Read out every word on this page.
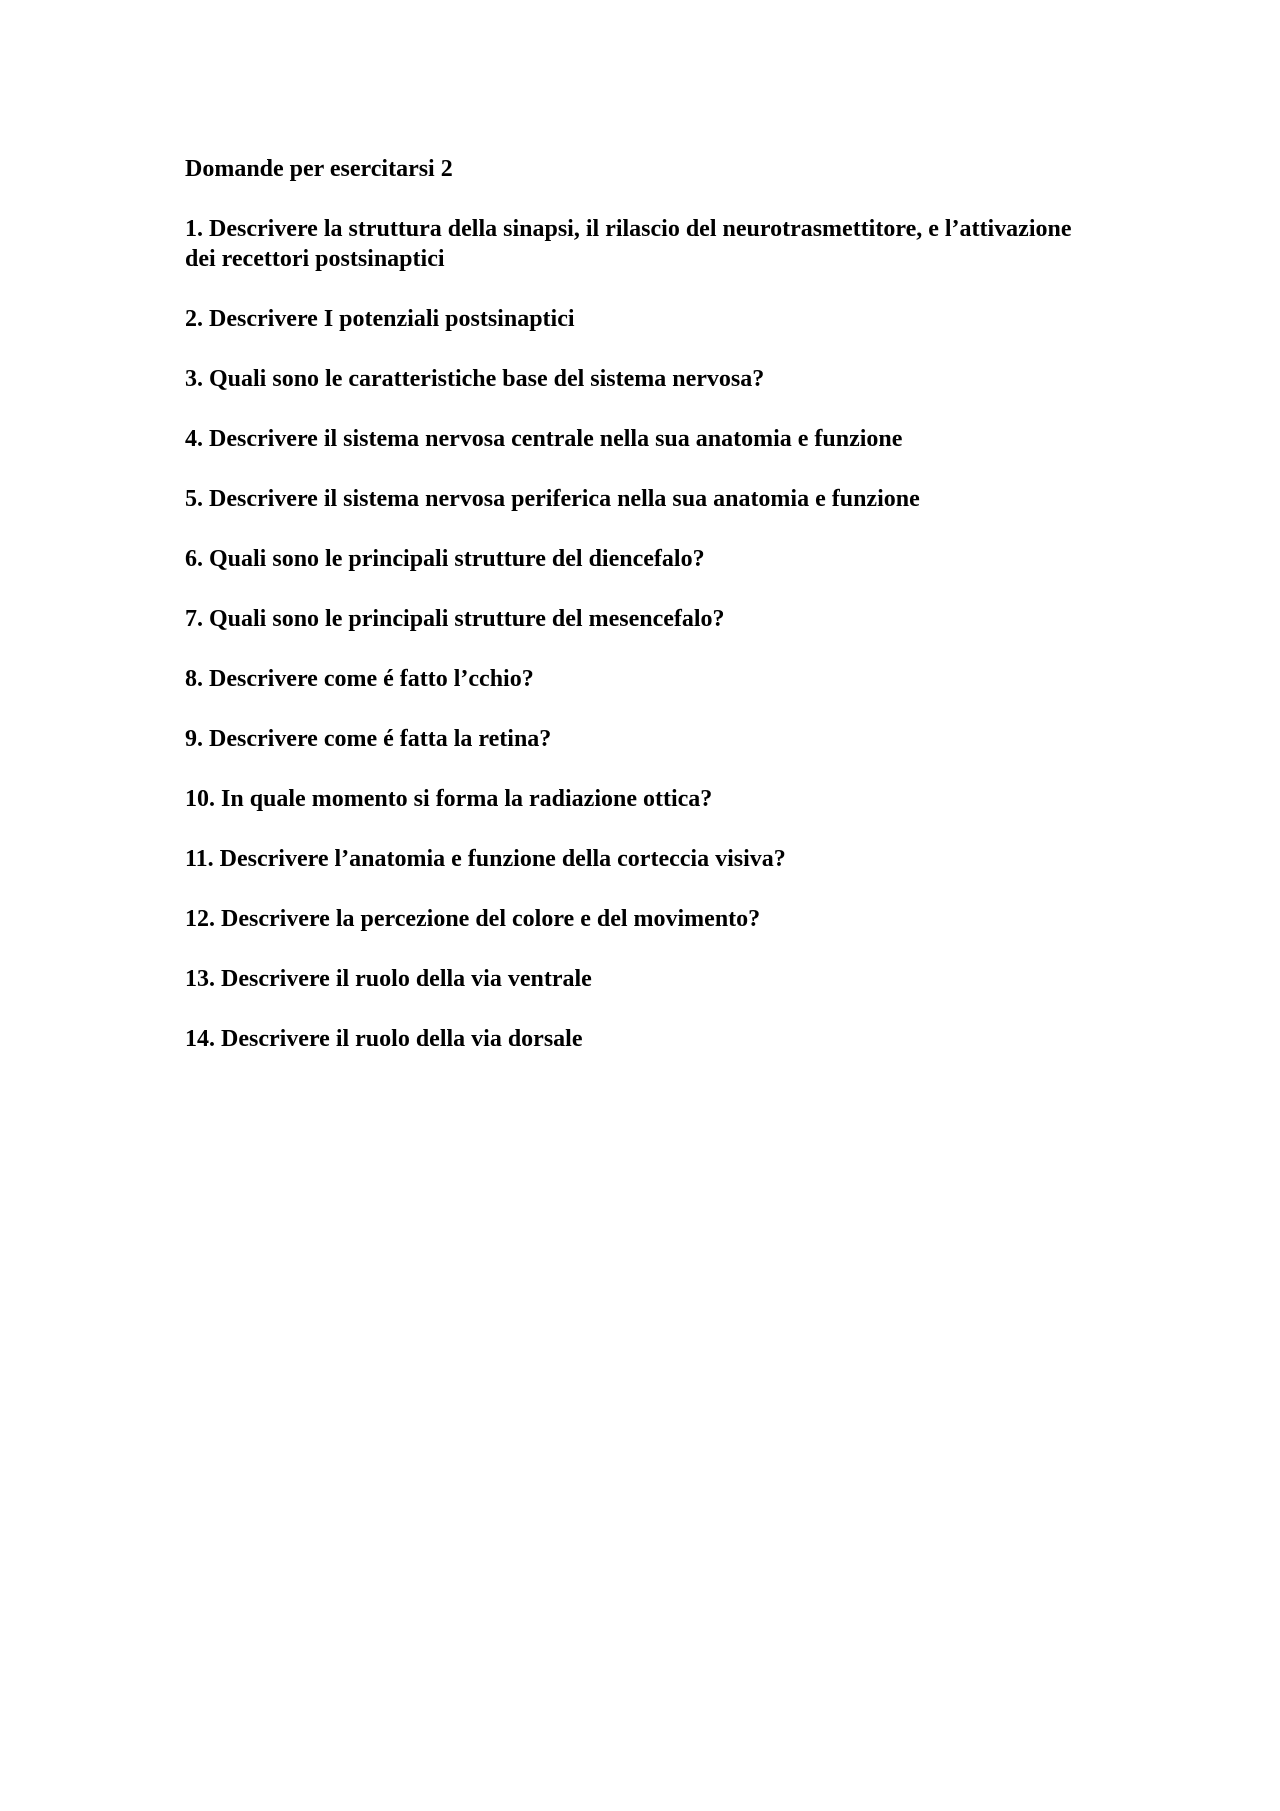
Domande per esercitarsi 2
1. Descrivere la struttura della sinapsi, il rilascio del neurotrasmettitore, e l’attivazione dei recettori postsinaptici
2. Descrivere I potenziali postsinaptici
3. Quali sono le caratteristiche base del sistema nervosa?
4. Descrivere il sistema nervosa centrale nella sua anatomia e funzione
5. Descrivere il sistema nervosa periferica nella sua anatomia e funzione
6. Quali sono le principali strutture del diencefalo?
7. Quali sono le principali strutture del mesencefalo?
8. Descrivere come é fatto l’cchio?
9. Descrivere come é fatta la retina?
10. In quale momento si forma la radiazione ottica?
11. Descrivere l’anatomia e funzione della corteccia visiva?
12. Descrivere la percezione del colore e del movimento?
13. Descrivere il ruolo della via ventrale
14. Descrivere il ruolo della via dorsale
